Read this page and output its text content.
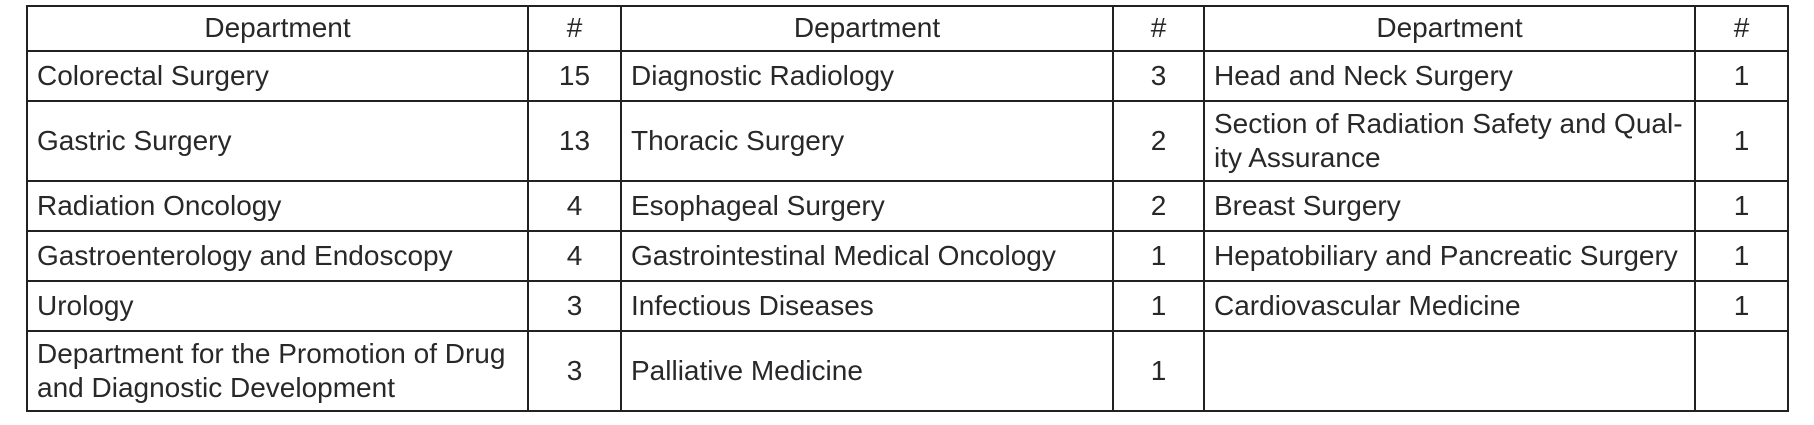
Department	#	Department	#	Department	#
Colorectal Surgery	15	Diagnostic Radiology	3	Head and Neck Surgery	1
Gastric Surgery	13	Thoracic Surgery	2	Section of Radiation Safety and Quality Assurance	1
Radiation Oncology	4	Esophageal Surgery	2	Breast Surgery	1
Gastroenterology and Endoscopy	4	Gastrointestinal Medical Oncology	1	Hepatobiliary and Pancreatic Surgery	1
Urology	3	Infectious Diseases	1	Cardiovascular Medicine	1
Department for the Promotion of Drug and Diagnostic Development	3	Palliative Medicine	1		
